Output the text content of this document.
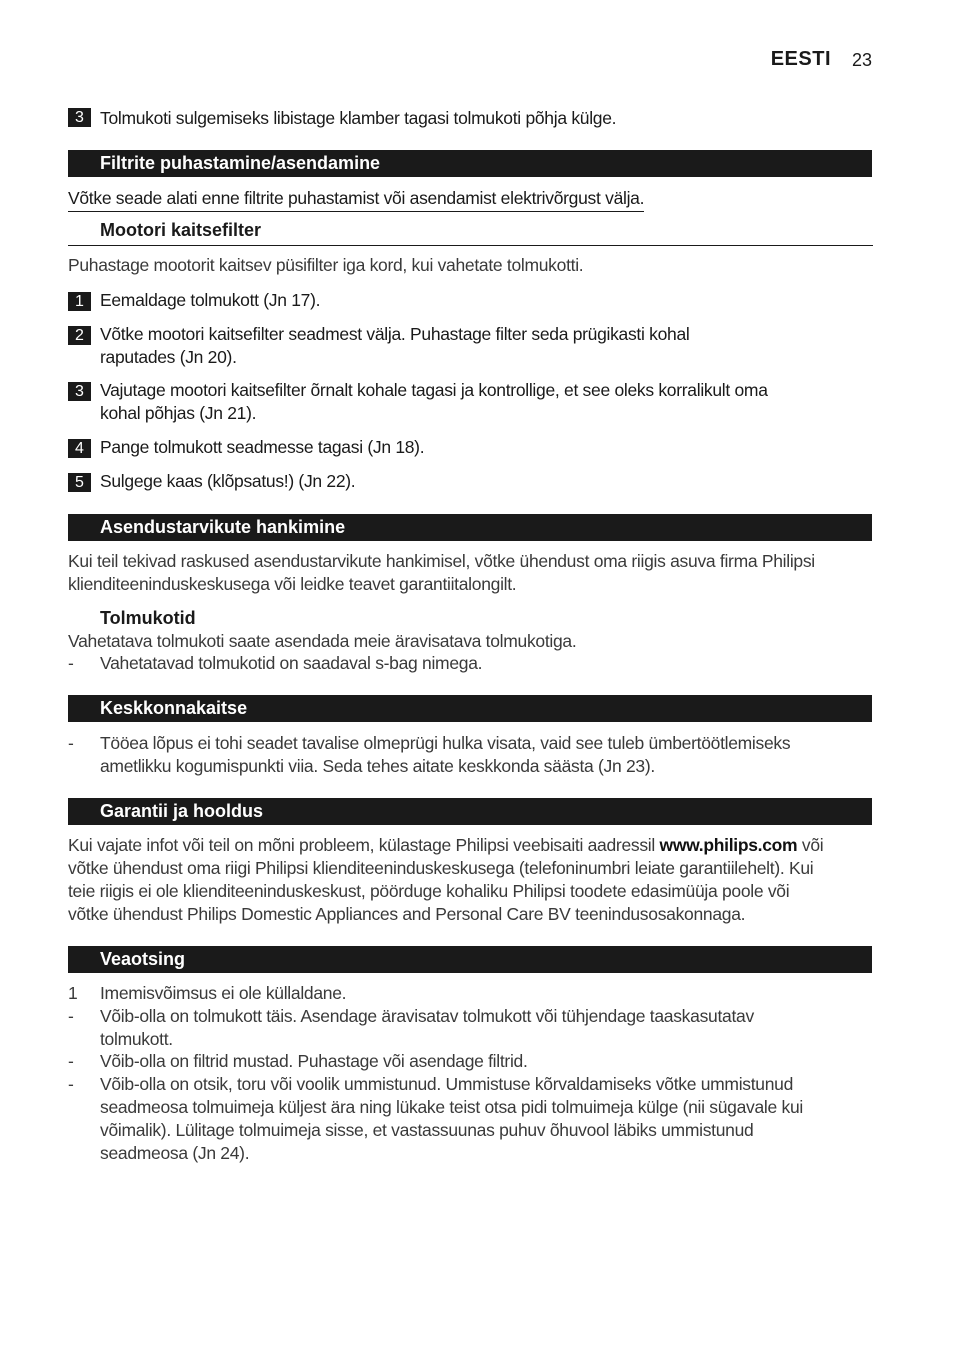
EESTI 23
3 Tolmukoti sulgemiseks libistage klamber tagasi tolmukoti põhja külge.
Filtrite puhastamine/asendamine
Võtke seade alati enne filtrite puhastamist või asendamist elektrivõrgust välja.
Mootori kaitsefilter
Puhastage mootorit kaitsev püsifilter iga kord, kui vahetate tolmukotti.
1 Eemaldage tolmukott (Jn 17).
2 Võtke mootori kaitsefilter seadmest välja. Puhastage filter seda prügikasti kohal
raputades (Jn 20).
3 Vajutage mootori kaitsefilter õrnalt kohale tagasi ja kontrollige, et see oleks korralikult oma
kohal põhjas (Jn 21).
4 Pange tolmukott seadmesse tagasi (Jn 18).
5 Sulgege kaas (klõpsatus!) (Jn 22).
Asendustarvikute hankimine
Kui teil tekivad raskused asendustarvikute hankimisel, võtke ühendust oma riigis asuva firma Philipsi
klienditeeninduskeskusega või leidke teavet garantiitalongilt.
Tolmukotid
Vahetatava tolmukoti saate asendada meie äravisatava tolmukotiga.
- Vahetatavad tolmukotid on saadaval s-bag nimega.
Keskkonnakaitse
- Tööea lõpus ei tohi seadet tavalise olmeprügi hulka visata, vaid see tuleb ümbertöötlemiseks
ametlikku kogumispunkti viia. Seda tehes aitate keskkonda säästa (Jn 23).
Garantii ja hooldus
Kui vajate infot või teil on mõni probleem, külastage Philipsi veebisaiti aadressil www.philips.com või
võtke ühendust oma riigi Philipsi klienditeeninduskeskusega (telefoninumbri leiate garantiilehelt). Kui
teie riigis ei ole klienditeeninduskeskust, pöörduge kohaliku Philipsi toodete edasimüüja poole või
võtke ühendust Philips Domestic Appliances and Personal Care BV teenindusosakonnaga.
Veaotsing
1 Imemisvõimsus ei ole küllaldane.
- Võib-olla on tolmukott täis. Asendage äravisatav tolmukott või tühjendage taaskasutatav
tolmukott.
- Võib-olla on filtrid mustad. Puhastage või asendage filtrid.
- Võib-olla on otsik, toru või voolik ummistunud. Ummistuse kõrvaldamiseks võtke ummistunud
seadmeosa tolmuimeja küljest ära ning lükake teist otsa pidi tolmuimeja külge (nii sügavale kui
võimalik). Lülitage tolmuimeja sisse, et vastassuunas puhuv õhuvool läbiks ummistunud
seadmeosa (Jn 24).
